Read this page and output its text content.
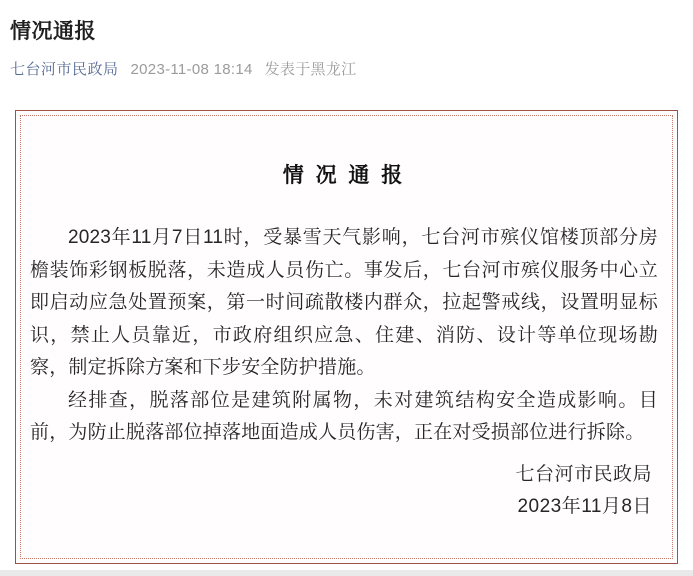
情况通报
七台河市民政局 2023-11-08 18:14 发表于黑龙江
情 况 通 报

2023年11月7日11时，受暴雪天气影响，七台河市殡仪馆楼顶部分房檐装饰彩钢板脱落，未造成人员伤亡。事发后，七台河市殡仪服务中心立即启动应急处置预案，第一时间疏散楼内群众，拉起警戒线，设置明显标识，禁止人员靠近，市政府组织应急、住建、消防、设计等单位现场勘察，制定拆除方案和下步安全防护措施。

经排查，脱落部位是建筑附属物，未对建筑结构安全造成影响。目前，为防止脱落部位掉落地面造成人员伤害，正在对受损部位进行拆除。

七台河市民政局
2023年11月8日
